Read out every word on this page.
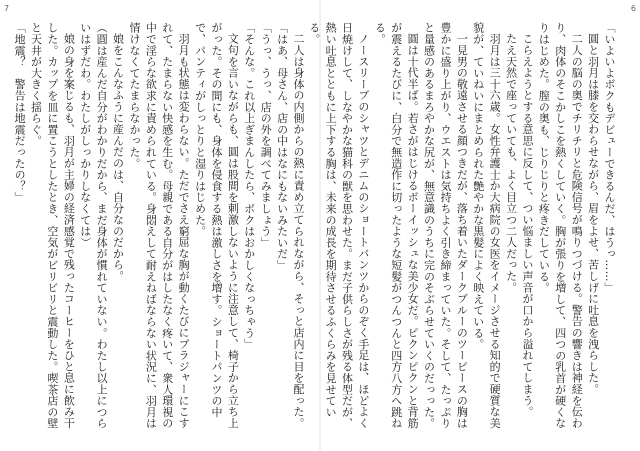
7

二人は身体の内側からの熱に責め立てられながら、そっと店内に目を配った。

「はあ、母さん、店の中はなにもないみたいだ」

「うっ、うっ、店の外を調べてみましょう」

「そんな。これ以上ぎまんしたら、ボクはおかしくなっちゃう」

文句を言いながらも、圓は股間を刺激しないように注意して、椅子から立ち上がった。その間にも、身体を侵食する熱は激しさを増す。ショートパンツの中で、パンティがしっとりと湿りはじめた。

羽月も状態は変わらない。ただでさえ窮屈な胸が動くたびにブラジャーにこすれて、たまらない快感を生む。母親である自分がはしたなく疼いて、衆人環視の中で淫らな欲求に責められている。身悶えして耐えねばならない状況に、羽月は情けなくてたまらなかった。

娘をこんなふうに産んだのは、自分なのだから。

（圓は産んだ自分がわかりだから、まだ身体が慣れていない。わたし以上につらいはずだわ。わたしがしっかりしなくては）

娘の身を案じるも、羽月が主婦の経済感覚で残ったコーヒーをひと息に飲み干した。カップを皿に置こうとしたとき、空気がビリビリと震動した。喫茶店の壁と天井が大きく揺らぐ。

「地震？　警告は地震だったの？」

6

「いよいよボクもデビューできるんだ、はうっ……」

圓と羽月は膝を交わらせながら、眉をよせ、苦しげに吐息を洩らした。

二人の脳の奥でチリチリと危険信号が鳴りつづける。警告の響きは神経を伝わり、肉体のそこかしこを熱くしていく。胸が張りを増して、四つの乳首が硬くなりはじめた。膣の奥も、じりじりと疼きだしている。

こらえようとする意思に反して、つい悩ましい声音が口から溢れてしまう。

たえ天然で座っていても、よく目立つ二人だった。

羽月は三十六歳。女性弁護士か大病院の女医をイメージさせる知的で硬質な美貌が、ていねいにまとめられた艶やかな黒髪によく映えている。

一見男の敬遠させる顔つきだが、落ち着いたダークブルーのツーピースの胸は豊かに盛り上がり、ウエストは気持ちよく引き締まっていた。そして、たっぷりと量感のあるまろやかな尻が、無意識のうちに完のそぶらせていくのだっった。

圓は十代半ば。若さがはじけるボーイッシュな美少女だ。ピクンピクンと背筋が震えるたびに、白分で無造作に切ったような短髪がつんつんと四方八方へ跳ねる。

ノースリーブのシャツとデニムのショートパンツからのぞく手足は、ほどよく日焼けして、しなやかな猫科の獣を思わせた。まだ子供らしさが残る体型だが、熱い吐息とともに上下する胸は、未来の成長を期待させるふくらみを見せている。
